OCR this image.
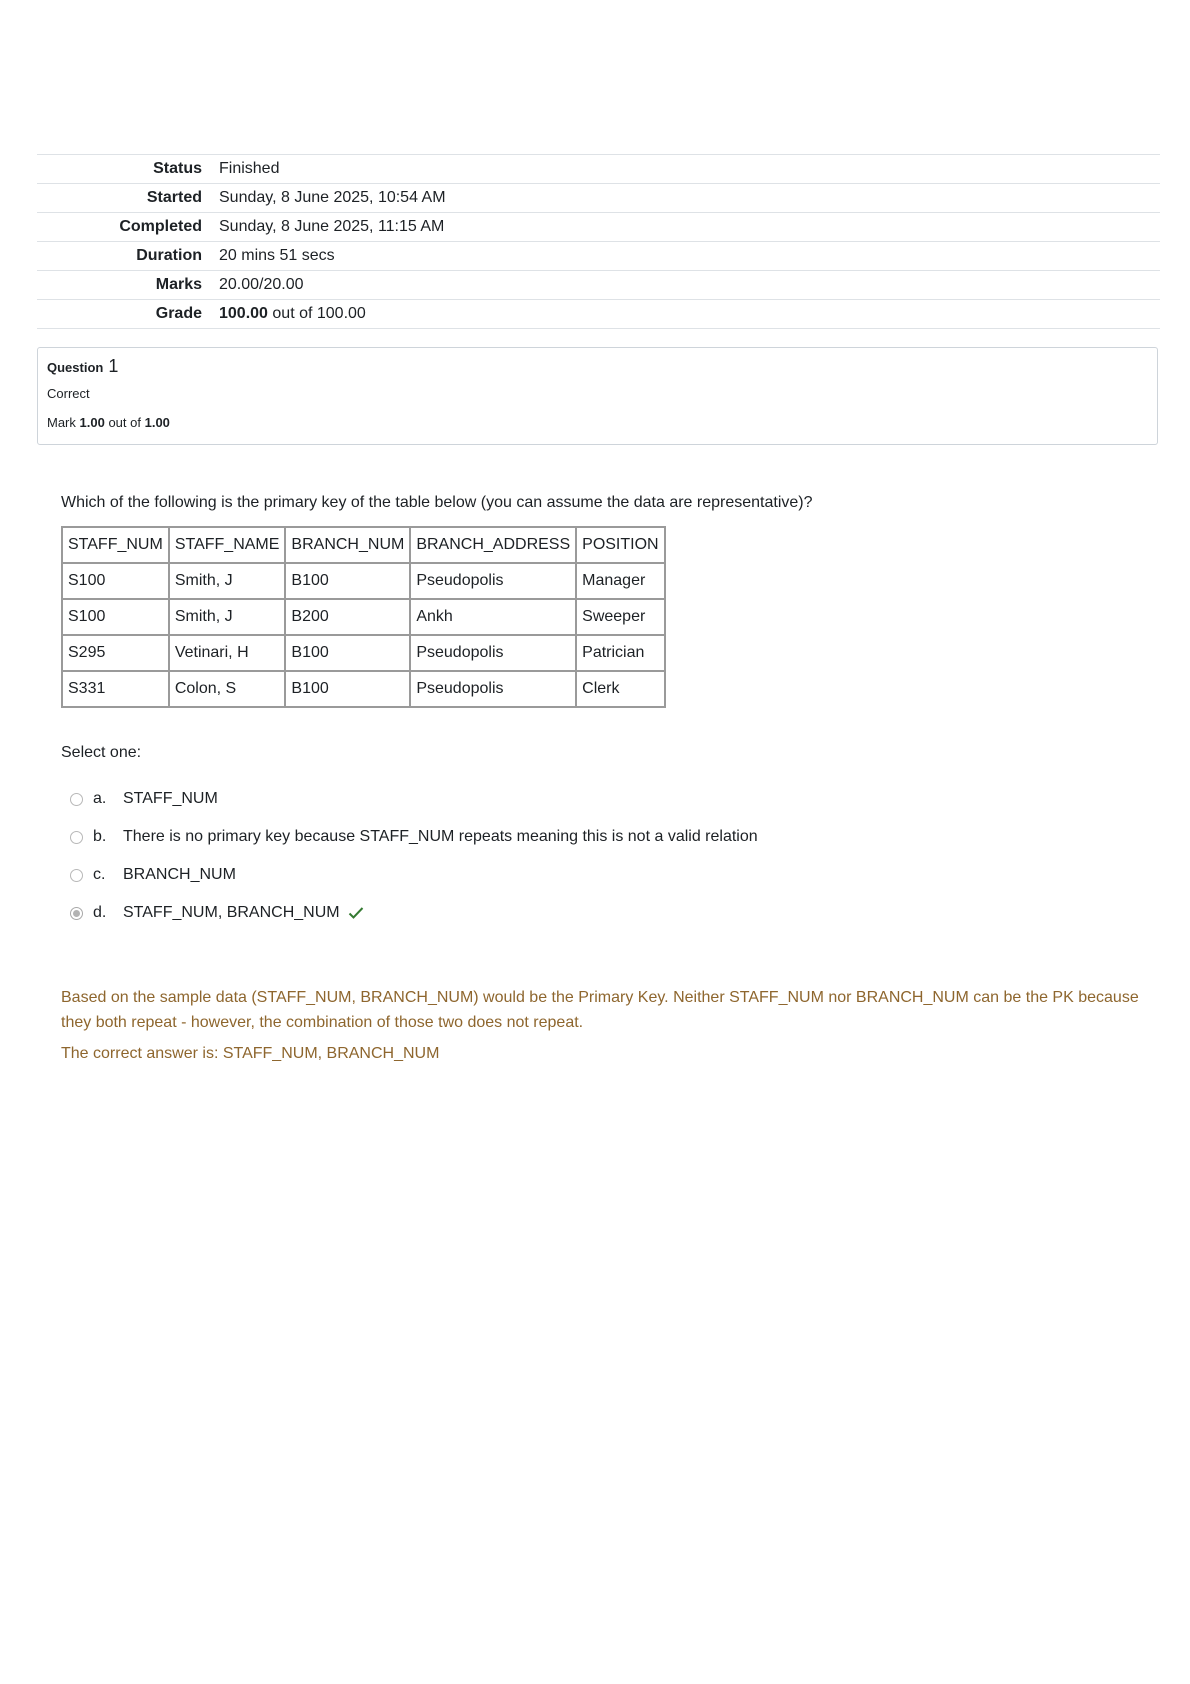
Status	Finished
Started	Sunday, 8 June 2025, 10:54 AM
Completed	Sunday, 8 June 2025, 11:15 AM
Duration	20 mins 51 secs
Marks	20.00/20.00
Grade	100.00 out of 100.00
Question 1
Correct
Mark 1.00 out of 1.00
Which of the following is the primary key of the table below (you can assume the data are representative)?
STAFF_NUM	STAFF_NAME	BRANCH_NUM	BRANCH_ADDRESS	POSITION
S100	Smith, J	B100	Pseudopolis	Manager
S100	Smith, J	B200	Ankh	Sweeper
S295	Vetinari, H	B100	Pseudopolis	Patrician
S331	Colon, S	B100	Pseudopolis	Clerk
Select one:
a.	STAFF_NUM
b.	There is no primary key because STAFF_NUM repeats meaning this is not a valid relation
c.	BRANCH_NUM
d.	STAFF_NUM, BRANCH_NUM
Based on the sample data (STAFF_NUM, BRANCH_NUM) would be the Primary Key. Neither STAFF_NUM nor BRANCH_NUM can be the PK because they both repeat - however, the combination of those two does not repeat.
The correct answer is: STAFF_NUM, BRANCH_NUM
